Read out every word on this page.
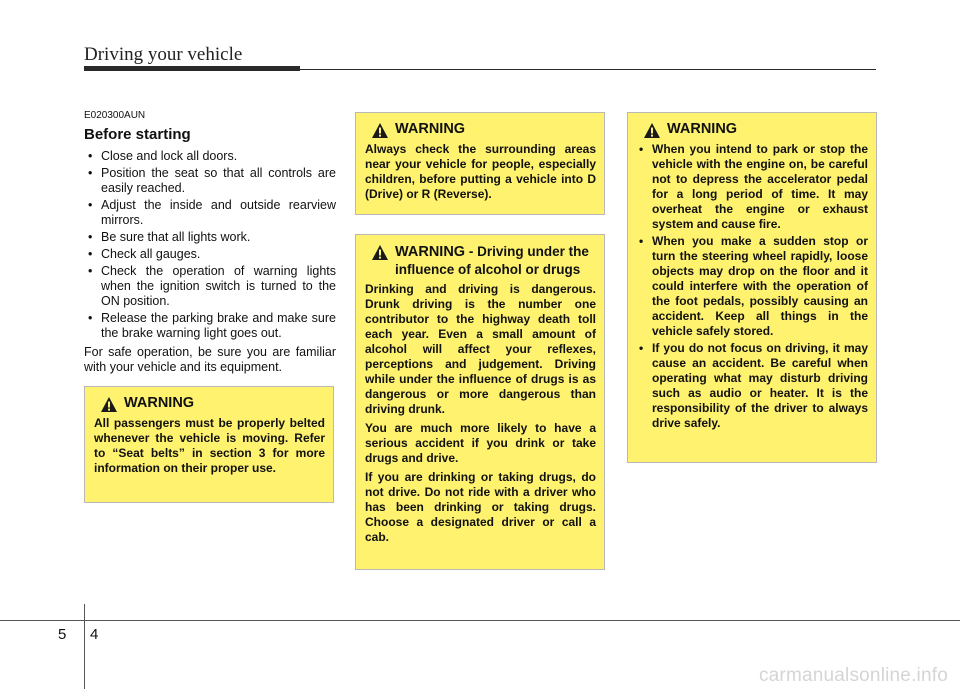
Driving your vehicle
E020300AUN
Before starting
• Close and lock all doors.
• Position the seat so that all controls are easily reached.
• Adjust the inside and outside rearview mirrors.
• Be sure that all lights work.
• Check all gauges.
• Check the operation of warning lights when the ignition switch is turned to the ON position.
• Release the parking brake and make sure the brake warning light goes out.
For safe operation, be sure you are familiar with your vehicle and its equipment.
WARNING

All passengers must be properly belted whenever the vehicle is moving. Refer to “Seat belts” in section 3 for more information on their proper use.

WARNING

Always check the surrounding areas near your vehicle for people, especially children, before putting a vehicle into D (Drive) or R (Reverse).

WARNING - Driving under the influence of alcohol or drugs

Drinking and driving is dangerous. Drunk driving is the number one contributor to the highway death toll each year. Even a small amount of alcohol will affect your reflexes, perceptions and judgement. Driving while under the influence of drugs is as dangerous or more dangerous than driving drunk.

You are much more likely to have a serious accident if you drink or take drugs and drive.

If you are drinking or taking drugs, do not drive. Do not ride with a driver who has been drinking or taking drugs. Choose a designated driver or call a cab.

WARNING
• When you intend to park or stop the vehicle with the engine on, be careful not to depress the accelerator pedal for a long period of time. It may overheat the engine or exhaust system and cause fire.
• When you make a sudden stop or turn the steering wheel rapidly, loose objects may drop on the floor and it could interfere with the operation of the foot pedals, possibly causing an accident. Keep all things in the vehicle safely stored.
• If you do not focus on driving, it may cause an accident. Be careful when operating what may disturb driving such as audio or heater. It is the responsibility of the driver to always drive safely.
5 4
carmanualsonline.info
